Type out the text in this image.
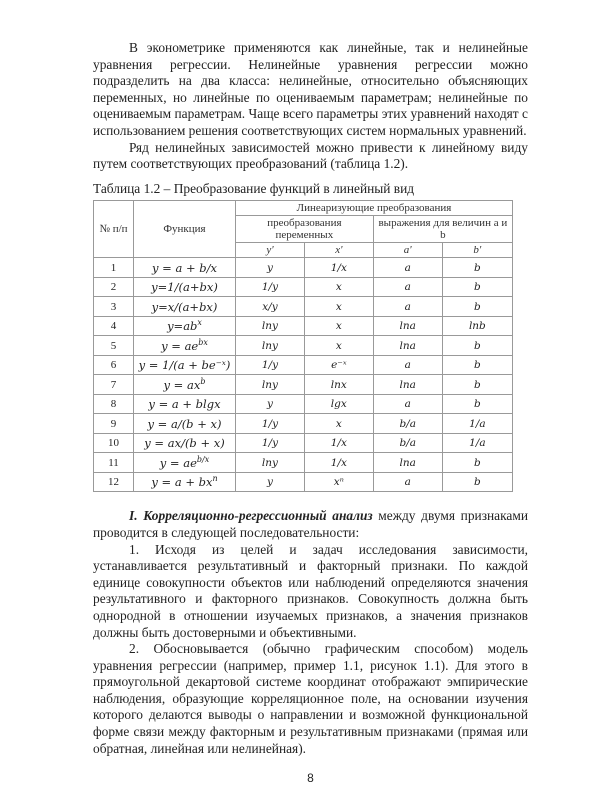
В эконометрике применяются как линейные, так и нелинейные уравнения регрессии. Нелинейные уравнения регрессии можно подразделить на два класса: нелинейные, относительно объясняющих переменных, но линейные по оцениваемым параметрам; нелинейные по оцениваемым параметрам. Чаще всего параметры этих уравнений находят с использованием решения соответствующих систем нормальных уравнений.

Ряд нелинейных зависимостей можно привести к линейному виду путем соответствующих преобразований (таблица 1.2).

Таблица 1.2 – Преобразование функций в линейный вид
№ п/п	Функция	Линеаризующие преобразования			
		преобразования переменных		выражения для величин a и b	
		y'	x'	a'	b'
1	y = a + b/x	y	1/x	a	b
2	y=1/(a+bx)	1/y	x	a	b
3	y=x/(a+bx)	x/y	x	a	b
4	$y=ab^x$	lny	x	lna	lnb
5	$y = ae^{bx}$	lny	x	lna	b
6	y = 1/(a + be⁻ˣ)	1/y	e⁻ˣ	a	b
7	$y = ax^b$	lny	lnx	lna	b
8	y = a + blgx	y	lgx	a	b
9	y = a/(b + x)	1/y	x	b/a	1/a
10	y = ax/(b + x)	1/y	1/x	b/a	1/a
11	$y = ae^{b/x}$	lny	1/x	lna	b
12	$y = a + bx^n$	y	xⁿ	a	b

I. Корреляционно-регрессионный анализ между двумя признаками проводится в следующей последовательности:

1. Исходя из целей и задач исследования зависимости, устанавливается результативный и факторный признаки. По каждой единице совокупности объектов или наблюдений определяются значения результативного и факторного признаков. Совокупность должна быть однородной в отношении изучаемых признаков, а значения признаков должны быть достоверными и объективными.

2. Обосновывается (обычно графическим способом) модель уравнения регрессии (например, пример 1.1, рисунок 1.1). Для этого в прямоугольной декартовой системе координат отображают эмпирические наблюдения, образующие корреляционное поле, на основании изучения которого делаются выводы о направлении и возможной функциональной форме связи между факторным и результативным признаками (прямая или обратная, линейная или нелинейная).

8
